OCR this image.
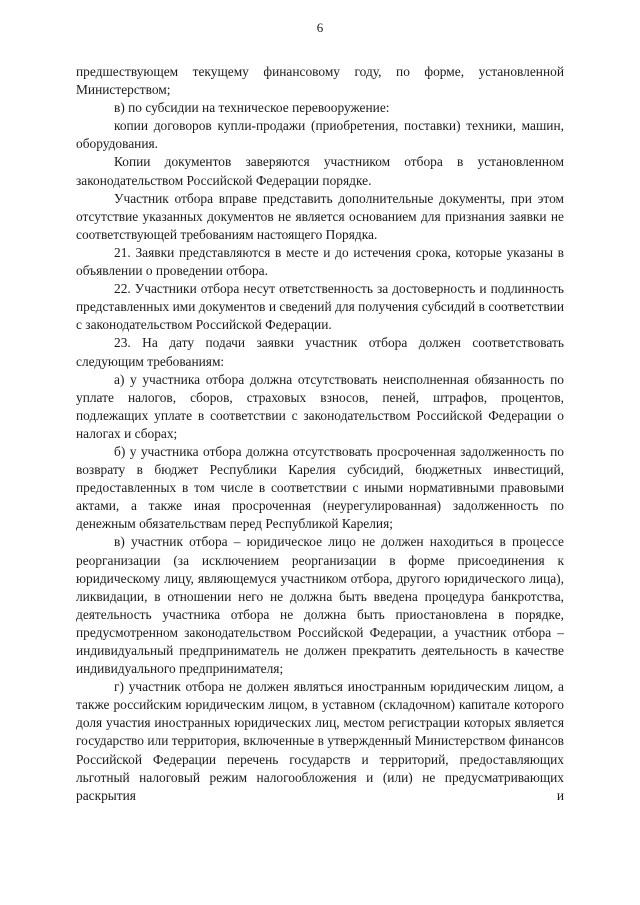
6

предшествующем текущему финансовому году, по форме, установленной Министерством;

в) по субсидии на техническое перевооружение:

копии договоров купли-продажи (приобретения, поставки) техники, машин, оборудования.

Копии документов заверяются участником отбора в установленном законодательством Российской Федерации порядке.

Участник отбора вправе представить дополнительные документы, при этом отсутствие указанных документов не является основанием для признания заявки не соответствующей требованиям настоящего Порядка.

21. Заявки представляются в месте и до истечения срока, которые указаны в объявлении о проведении отбора.

22. Участники отбора несут ответственность за достоверность и подлинность представленных ими документов и сведений для получения субсидий в соответствии с законодательством Российской Федерации.

23. На дату подачи заявки участник отбора должен соответствовать следующим требованиям:

а) у участника отбора должна отсутствовать неисполненная обязанность по уплате налогов, сборов, страховых взносов, пеней, штрафов, процентов, подлежащих уплате в соответствии с законодательством Российской Федерации о налогах и сборах;

б) у участника отбора должна отсутствовать просроченная задолженность по возврату в бюджет Республики Карелия субсидий, бюджетных инвестиций, предоставленных в том числе в соответствии с иными нормативными правовыми актами, а также иная просроченная (неурегулированная) задолженность по денежным обязательствам перед Республикой Карелия;

в) участник отбора – юридическое лицо не должен находиться в процессе реорганизации (за исключением реорганизации в форме присоединения к юридическому лицу, являющемуся участником отбора, другого юридического лица), ликвидации, в отношении него не должна быть введена процедура банкротства, деятельность участника отбора не должна быть приостановлена в порядке, предусмотренном законодательством Российской Федерации, а участник отбора – индивидуальный предприниматель не должен прекратить деятельность в качестве индивидуального предпринимателя;

г) участник отбора не должен являться иностранным юридическим лицом, а также российским юридическим лицом, в уставном (складочном) капитале которого доля участия иностранных юридических лиц, местом регистрации которых является государство или территория, включенные в утвержденный Министерством финансов Российской Федерации перечень государств и территорий, предоставляющих льготный налоговый режим налогообложения и (или) не предусматривающих раскрытия и
